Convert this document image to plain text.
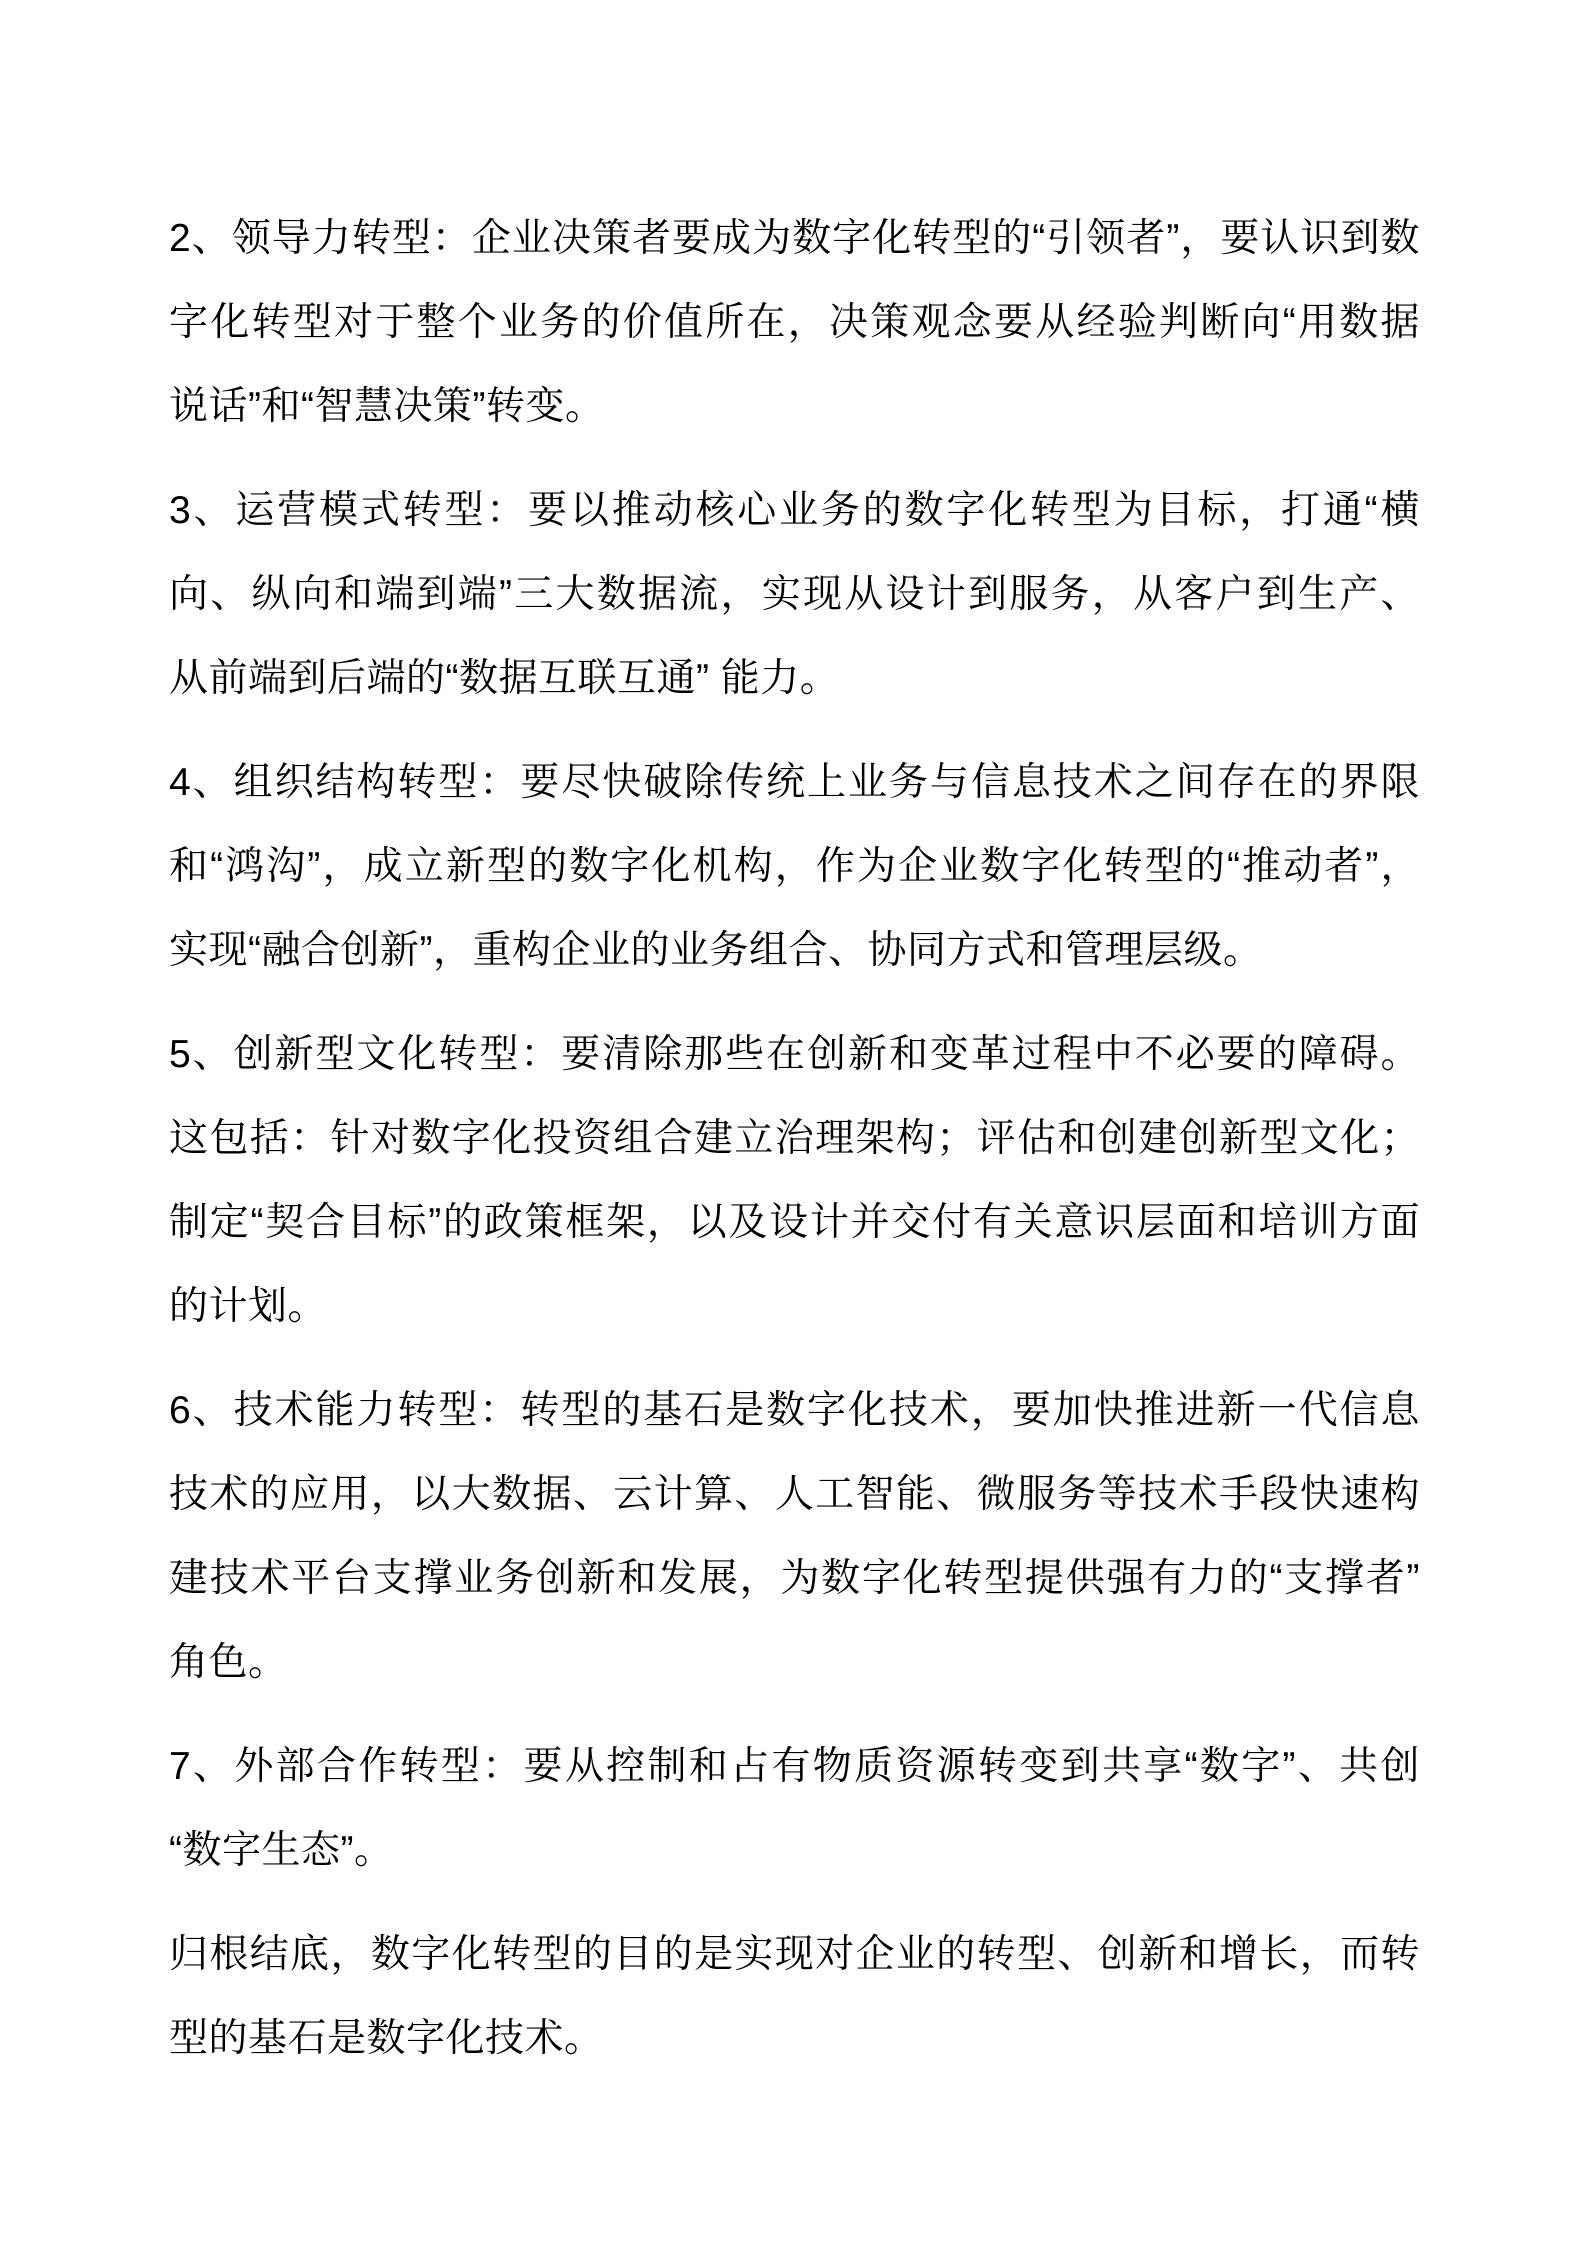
2、领导力转型：企业决策者要成为数字化转型的“引领者”，要认识到数
字化转型对于整个业务的价值所在，决策观念要从经验判断向“用数据
说话”和“智慧决策”转变。
3、运营模式转型：要以推动核心业务的数字化转型为目标，打通“横
向、纵向和端到端”三大数据流，实现从设计到服务，从客户到生产、
从前端到后端的“数据互联互通” 能力。
4、组织结构转型：要尽快破除传统上业务与信息技术之间存在的界限
和“鸿沟”，成立新型的数字化机构，作为企业数字化转型的“推动者”，
实现“融合创新”，重构企业的业务组合、协同方式和管理层级。
5、创新型文化转型：要清除那些在创新和变革过程中不必要的障碍。
这包括：针对数字化投资组合建立治理架构；评估和创建创新型文化；
制定“契合目标”的政策框架，以及设计并交付有关意识层面和培训方面
的计划。
6、技术能力转型：转型的基石是数字化技术，要加快推进新一代信息
技术的应用，以大数据、云计算、人工智能、微服务等技术手段快速构
建技术平台支撑业务创新和发展，为数字化转型提供强有力的“支撑者”
角色。
7、外部合作转型：要从控制和占有物质资源转变到共享“数字”、共创
“数字生态”。
归根结底，数字化转型的目的是实现对企业的转型、创新和增长，而转
型的基石是数字化技术。
